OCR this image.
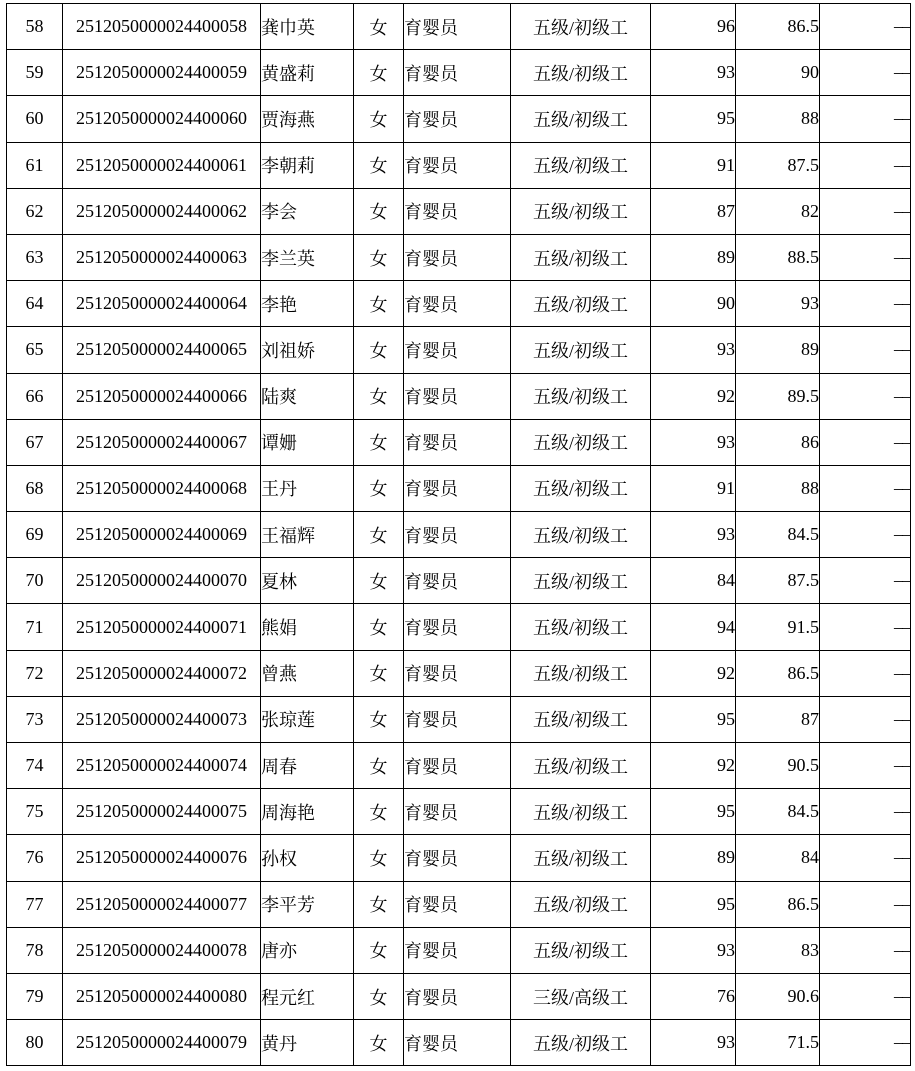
58	2512050000024400058	龚巾英	女	育婴员	五级/初级工	96	86.5	––
59	2512050000024400059	黄盛莉	女	育婴员	五级/初级工	93	90	––
60	2512050000024400060	贾海燕	女	育婴员	五级/初级工	95	88	––
61	2512050000024400061	李朝莉	女	育婴员	五级/初级工	91	87.5	––
62	2512050000024400062	李会	女	育婴员	五级/初级工	87	82	––
63	2512050000024400063	李兰英	女	育婴员	五级/初级工	89	88.5	––
64	2512050000024400064	李艳	女	育婴员	五级/初级工	90	93	––
65	2512050000024400065	刘祖娇	女	育婴员	五级/初级工	93	89	––
66	2512050000024400066	陆爽	女	育婴员	五级/初级工	92	89.5	––
67	2512050000024400067	谭姗	女	育婴员	五级/初级工	93	86	––
68	2512050000024400068	王丹	女	育婴员	五级/初级工	91	88	––
69	2512050000024400069	王福辉	女	育婴员	五级/初级工	93	84.5	––
70	2512050000024400070	夏林	女	育婴员	五级/初级工	84	87.5	––
71	2512050000024400071	熊娟	女	育婴员	五级/初级工	94	91.5	––
72	2512050000024400072	曾燕	女	育婴员	五级/初级工	92	86.5	––
73	2512050000024400073	张琼莲	女	育婴员	五级/初级工	95	87	––
74	2512050000024400074	周春	女	育婴员	五级/初级工	92	90.5	––
75	2512050000024400075	周海艳	女	育婴员	五级/初级工	95	84.5	––
76	2512050000024400076	孙权	女	育婴员	五级/初级工	89	84	––
77	2512050000024400077	李平芳	女	育婴员	五级/初级工	95	86.5	––
78	2512050000024400078	唐亦	女	育婴员	五级/初级工	93	83	––
79	2512050000024400080	程元红	女	育婴员	三级/高级工	76	90.6	––
80	2512050000024400079	黄丹	女	育婴员	五级/初级工	93	71.5	––
